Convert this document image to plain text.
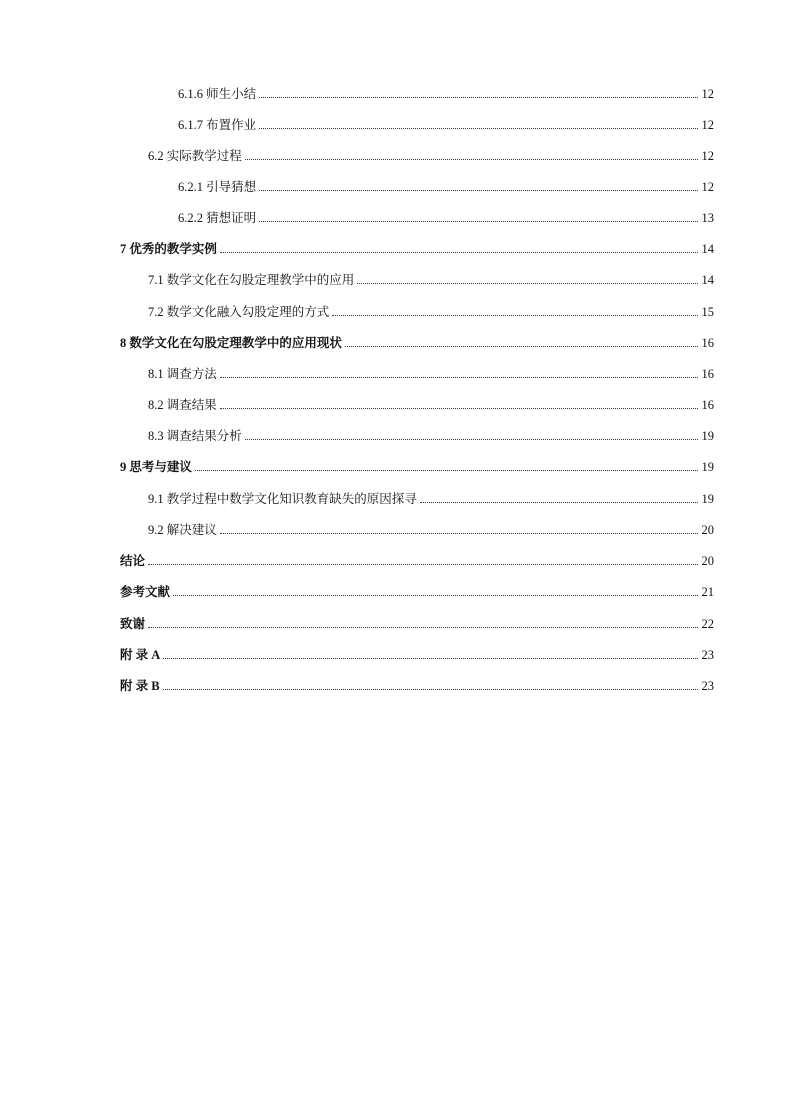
6.1.6 师生小结	12
6.1.7 布置作业	12
6.2 实际教学过程	12
6.2.1 引导猜想	12
6.2.2 猜想证明	13
7 优秀的教学实例	14
7.1 数学文化在勾股定理教学中的应用	14
7.2 数学文化融入勾股定理的方式	15
8 数学文化在勾股定理教学中的应用现状	16
8.1 调查方法	16
8.2 调查结果	16
8.3 调查结果分析	19
9 思考与建议	19
9.1 教学过程中数学文化知识教育缺失的原因探寻	19
9.2 解决建议	20
结论	20
参考文献	21
致谢	22
附 录 A	23
附 录 B	23
